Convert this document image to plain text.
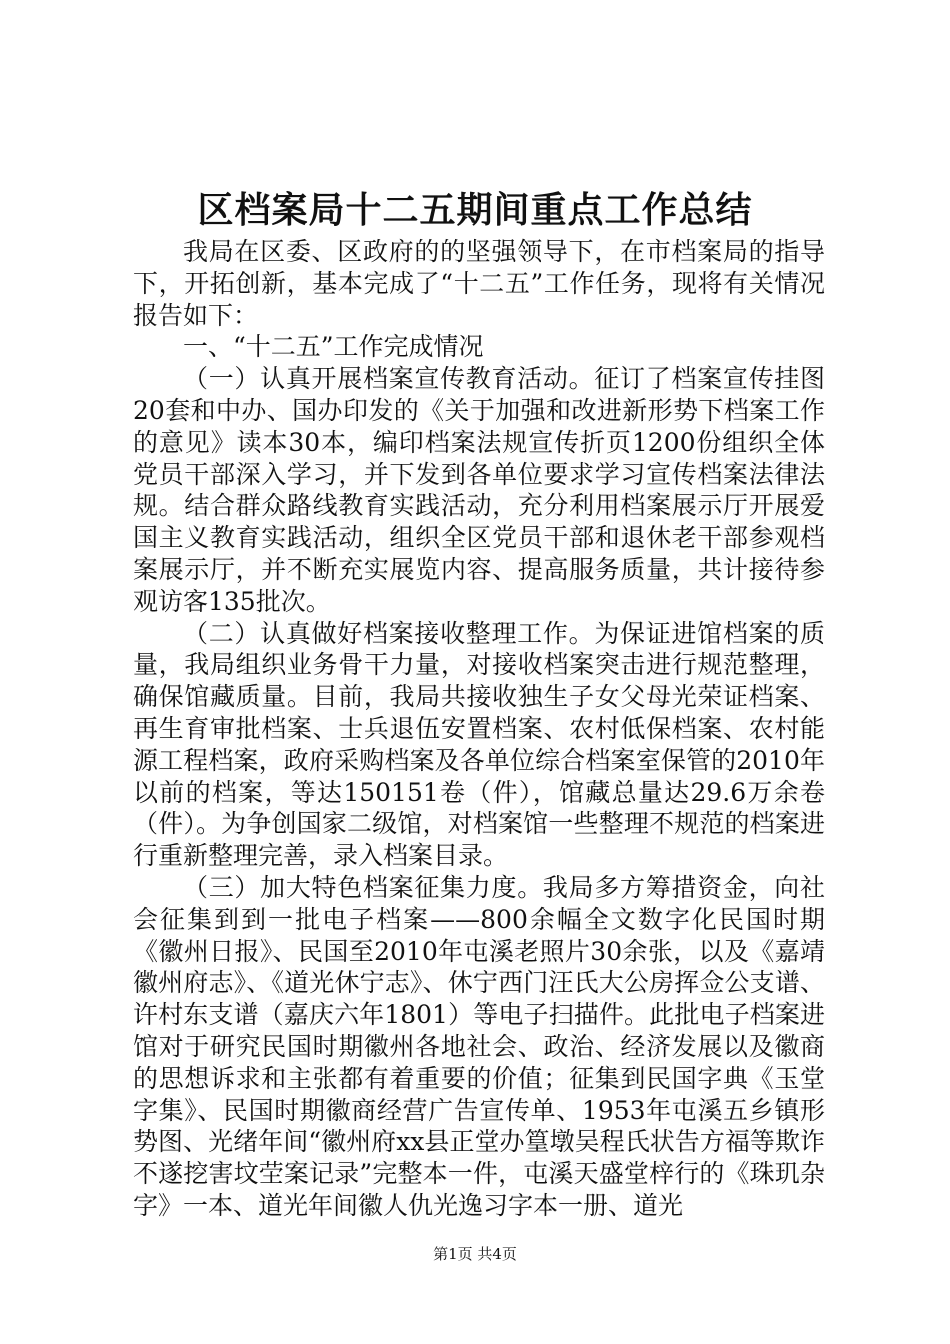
区档案局十二五期间重点工作总结

我局在区委、区政府的的坚强领导下，在市档案局的指导下，开拓创新，基本完成了“十二五”工作任务，现将有关情况报告如下：

一、“十二五”工作完成情况

（一）认真开展档案宣传教育活动。征订了档案宣传挂图20套和中办、国办印发的《关于加强和改进新形势下档案工作的意见》读本30本，编印档案法规宣传折页1200份组织全体党员干部深入学习，并下发到各单位要求学习宣传档案法律法规。结合群众路线教育实践活动，充分利用档案展示厅开展爱国主义教育实践活动，组织全区党员干部和退休老干部参观档案展示厅，并不断充实展览内容、提高服务质量，共计接待参观访客135批次。

（二）认真做好档案接收整理工作。为保证进馆档案的质量，我局组织业务骨干力量，对接收档案突击进行规范整理，确保馆藏质量。目前，我局共接收独生子女父母光荣证档案、再生育审批档案、士兵退伍安置档案、农村低保档案、农村能源工程档案，政府采购档案及各单位综合档案室保管的2010年以前的档案，等达150151卷（件），馆藏总量达29.6万余卷（件）。为争创国家二级馆，对档案馆一些整理不规范的档案进行重新整理完善，录入档案目录。

（三）加大特色档案征集力度。我局多方筹措资金，向社会征集到到一批电子档案——800余幅全文数字化民国时期《徽州日报》、民国至2010年屯溪老照片30余张，以及《嘉靖徽州府志》、《道光休宁志》、休宁西门汪氏大公房挥佥公支谱、许村东支谱（嘉庆六年1801）等电子扫描件。此批电子档案进馆对于研究民国时期徽州各地社会、政治、经济发展以及徽商的思想诉求和主张都有着重要的价值；征集到民国字典《玉堂字集》、民国时期徽商经营广告宣传单、1953年屯溪五乡镇形势图、光绪年间“徽州府xx县正堂办篁墩吴程氏状告方福等欺诈不遂挖害坟茔案记录”完整本一件，屯溪天盛堂梓行的《珠玑杂字》一本、道光年间徽人仇光逸习字本一册、道光

第1页 共4页
